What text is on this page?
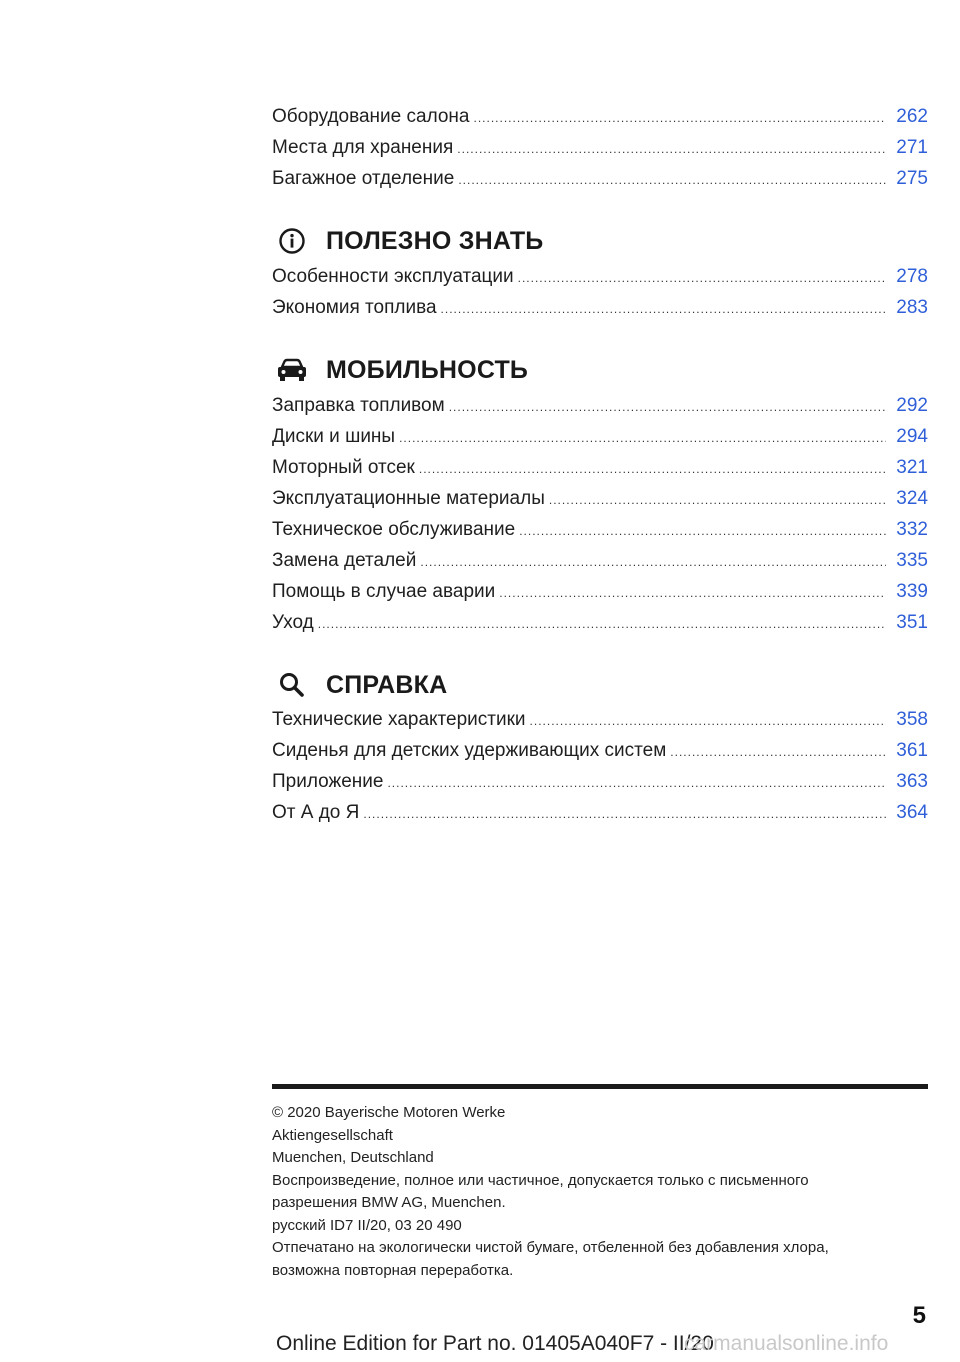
Оборудование салона .....	262
Места для хранения .....	271
Багажное отделение .....	275
ПОЛЕЗНО ЗНАТЬ
Особенности эксплуатации .....	278
Экономия топлива .....	283
МОБИЛЬНОСТЬ
Заправка топливом .....	292
Диски и шины .....	294
Моторный отсек .....	321
Эксплуатационные материалы .....	324
Техническое обслуживание .....	332
Замена деталей .....	335
Помощь в случае аварии .....	339
Уход .....	351
СПРАВКА
Технические характеристики .....	358
Сиденья для детских удерживающих систем .....	361
Приложение .....	363
От А до Я .....	364
© 2020 Bayerische Motoren Werke
Aktiengesellschaft
Muenchen, Deutschland
Воспроизведение, полное или частичное, допускается только с письменного
разрешения BMW AG, Muenchen.
русский ID7 II/20, 03 20 490
Отпечатано на экологически чистой бумаге, отбеленной без добавления хлора,
возможна повторная переработка.
5
Online Edition for Part no. 01405A040F7 - II/20
carmanualsonline.info
